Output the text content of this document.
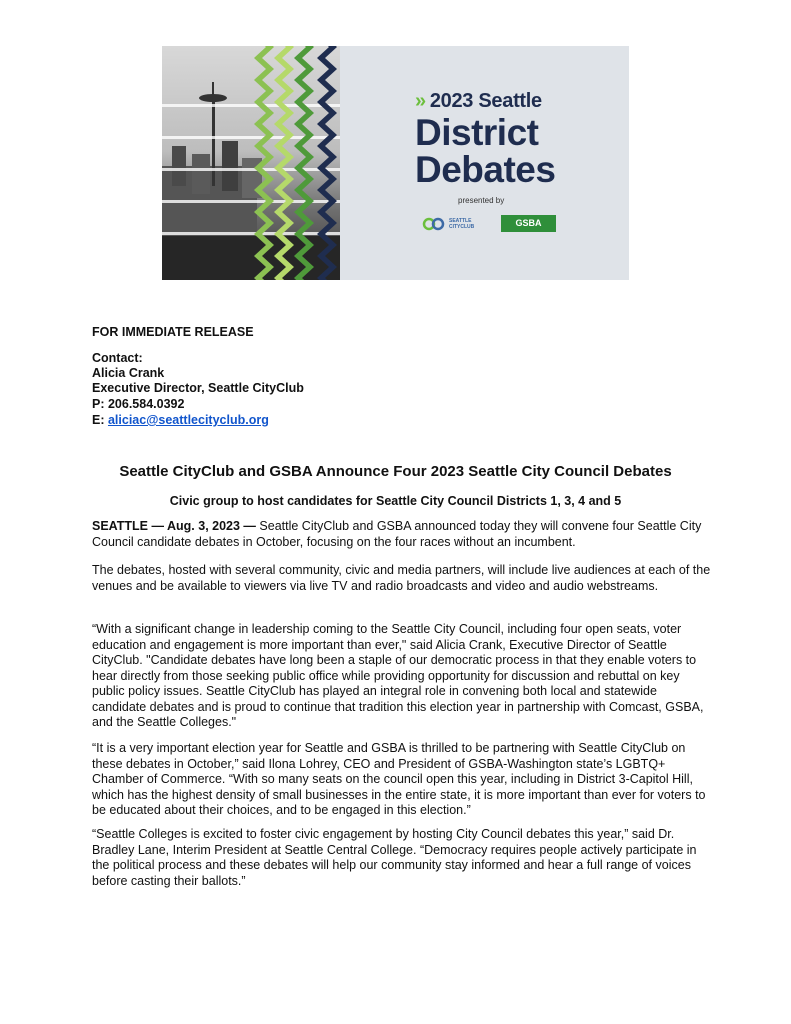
» 2023 Seattle
District
Debates
presented by
SEATTLE
CITYCLUB	GSBA
FOR IMMEDIATE RELEASE
Contact:
Alicia Crank
Executive Director, Seattle CityClub
P: 206.584.0392
E: aliciac@seattlecityclub.org
Seattle CityClub and GSBA Announce Four 2023 Seattle City Council Debates
Civic group to host candidates for Seattle City Council Districts 1, 3, 4 and 5

SEATTLE — Aug. 3, 2023 — Seattle CityClub and GSBA announced today they will convene four Seattle City Council candidate debates in October, focusing on the four races without an incumbent.

The debates, hosted with several community, civic and media partners, will include live audiences at each of the venues and be available to viewers via live TV and radio broadcasts and video and audio webstreams.

“With a significant change in leadership coming to the Seattle City Council, including four open seats, voter education and engagement is more important than ever," said Alicia Crank, Executive Director of Seattle CityClub. "Candidate debates have long been a staple of our democratic process in that they enable voters to hear directly from those seeking public office while providing opportunity for discussion and rebuttal on key public policy issues. Seattle CityClub has played an integral role in convening both local and statewide candidate debates and is proud to continue that tradition this election year in partnership with Comcast, GSBA, and the Seattle Colleges."

“It is a very important election year for Seattle and GSBA is thrilled to be partnering with Seattle CityClub on these debates in October,” said Ilona Lohrey, CEO and President of GSBA-Washington state’s LGBTQ+ Chamber of Commerce. “With so many seats on the council open this year, including in District 3-Capitol Hill, which has the highest density of small businesses in the entire state, it is more important than ever for voters to be educated about their choices, and to be engaged in this election.”

“Seattle Colleges is excited to foster civic engagement by hosting City Council debates this year,” said Dr. Bradley Lane, Interim President at Seattle Central College. “Democracy requires people actively participate in the political process and these debates will help our community stay informed and hear a full range of voices before casting their ballots.”
